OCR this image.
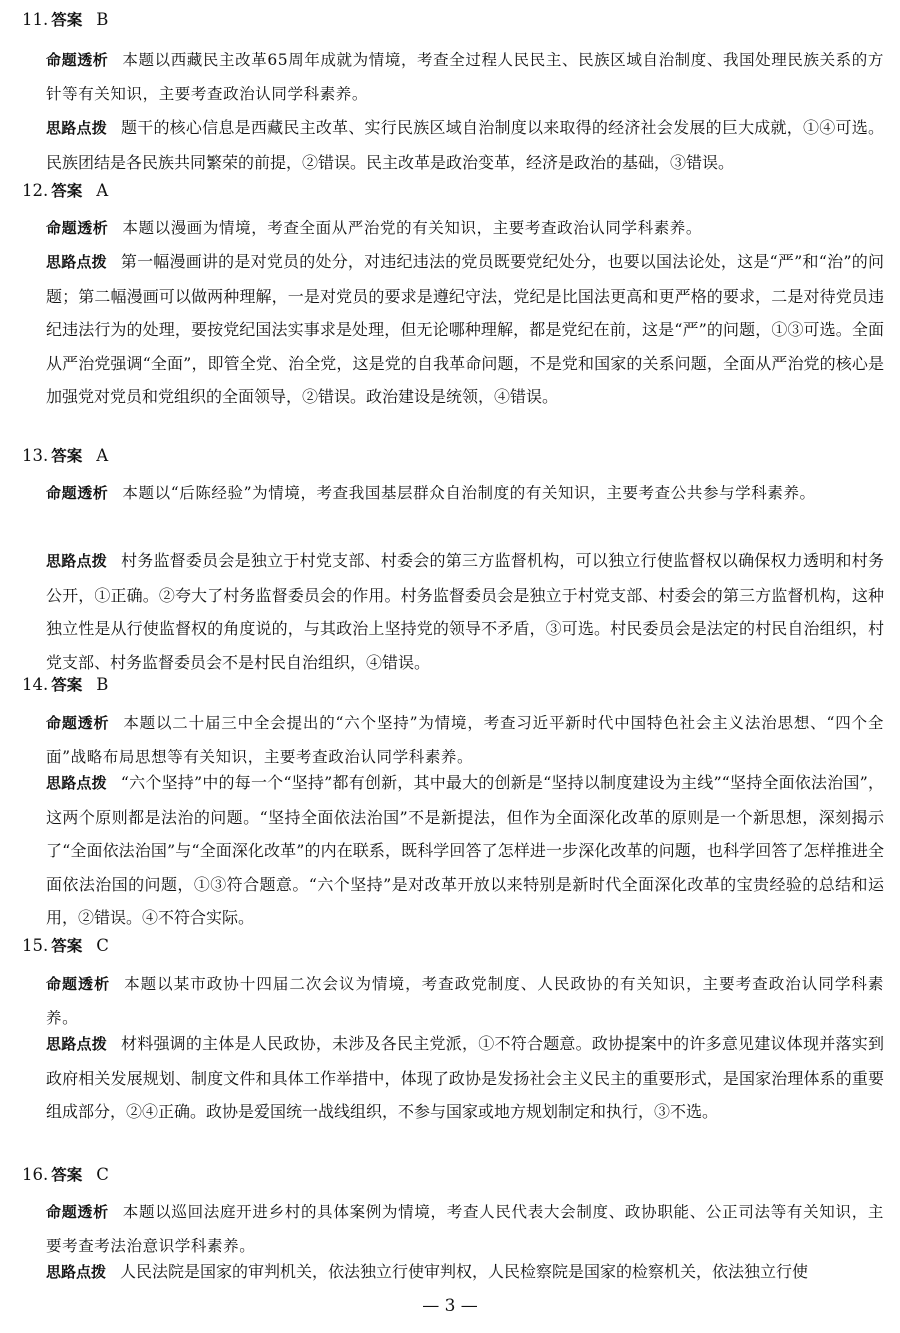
11. 答案 B
命题透析 本题以西藏民主改革65周年成就为情境，考查全过程人民民主、民族区域自治制度、我国处理民族关系的方针等有关知识，主要考查政治认同学科素养。
思路点拨 题干的核心信息是西藏民主改革、实行民族区域自治制度以来取得的经济社会发展的巨大成就，①④可选。民族团结是各民族共同繁荣的前提，②错误。民主改革是政治变革，经济是政治的基础，③错误。
12. 答案 A
命题透析 本题以漫画为情境，考查全面从严治党的有关知识，主要考查政治认同学科素养。
思路点拨 第一幅漫画讲的是对党员的处分，对违纪违法的党员既要党纪处分，也要以国法论处，这是“严”和“治”的问题；第二幅漫画可以做两种理解，一是对党员的要求是遵纪守法，党纪是比国法更高和更严格的要求，二是对待党员违纪违法行为的处理，要按党纪国法实事求是处理，但无论哪种理解，都是党纪在前，这是“严”的问题，①③可选。全面从严治党强调“全面”，即管全党、治全党，这是党的自我革命问题，不是党和国家的关系问题，全面从严治党的核心是加强党对党员和党组织的全面领导，②错误。政治建设是统领，④错误。
13. 答案 A
命题透析 本题以“后陈经验”为情境，考查我国基层群众自治制度的有关知识，主要考查公共参与学科素养。
思路点拨 村务监督委员会是独立于村党支部、村委会的第三方监督机构，可以独立行使监督权以确保权力透明和村务公开，①正确。②夸大了村务监督委员会的作用。村务监督委员会是独立于村党支部、村委会的第三方监督机构，这种独立性是从行使监督权的角度说的，与其政治上坚持党的领导不矛盾，③可选。村民委员会是法定的村民自治组织，村党支部、村务监督委员会不是村民自治组织，④错误。
14. 答案 B
命题透析 本题以二十届三中全会提出的“六个坚持”为情境，考查习近平新时代中国特色社会主义法治思想、“四个全面”战略布局思想等有关知识，主要考查政治认同学科素养。
思路点拨 “六个坚持”中的每一个“坚持”都有创新，其中最大的创新是“坚持以制度建设为主线”“坚持全面依法治国”，这两个原则都是法治的问题。“坚持全面依法治国”不是新提法，但作为全面深化改革的原则是一个新思想，深刻揭示了“全面依法治国”与“全面深化改革”的内在联系，既科学回答了怎样进一步深化改革的问题，也科学回答了怎样推进全面依法治国的问题，①③符合题意。“六个坚持”是对改革开放以来特别是新时代全面深化改革的宝贵经验的总结和运用，②错误。④不符合实际。
15. 答案 C
命题透析 本题以某市政协十四届二次会议为情境，考查政党制度、人民政协的有关知识，主要考查政治认同学科素养。
思路点拨 材料强调的主体是人民政协，未涉及各民主党派，①不符合题意。政协提案中的许多意见建议体现并落实到政府相关发展规划、制度文件和具体工作举措中，体现了政协是发扬社会主义民主的重要形式，是国家治理体系的重要组成部分，②④正确。政协是爱国统一战线组织，不参与国家或地方规划制定和执行，③不选。
16. 答案 C
命题透析 本题以巡回法庭开进乡村的具体案例为情境，考查人民代表大会制度、政协职能、公正司法等有关知识，主要考查考法治意识学科素养。
思路点拨 人民法院是国家的审判机关，依法独立行使审判权，人民检察院是国家的检察机关，依法独立行使
— 3 —
